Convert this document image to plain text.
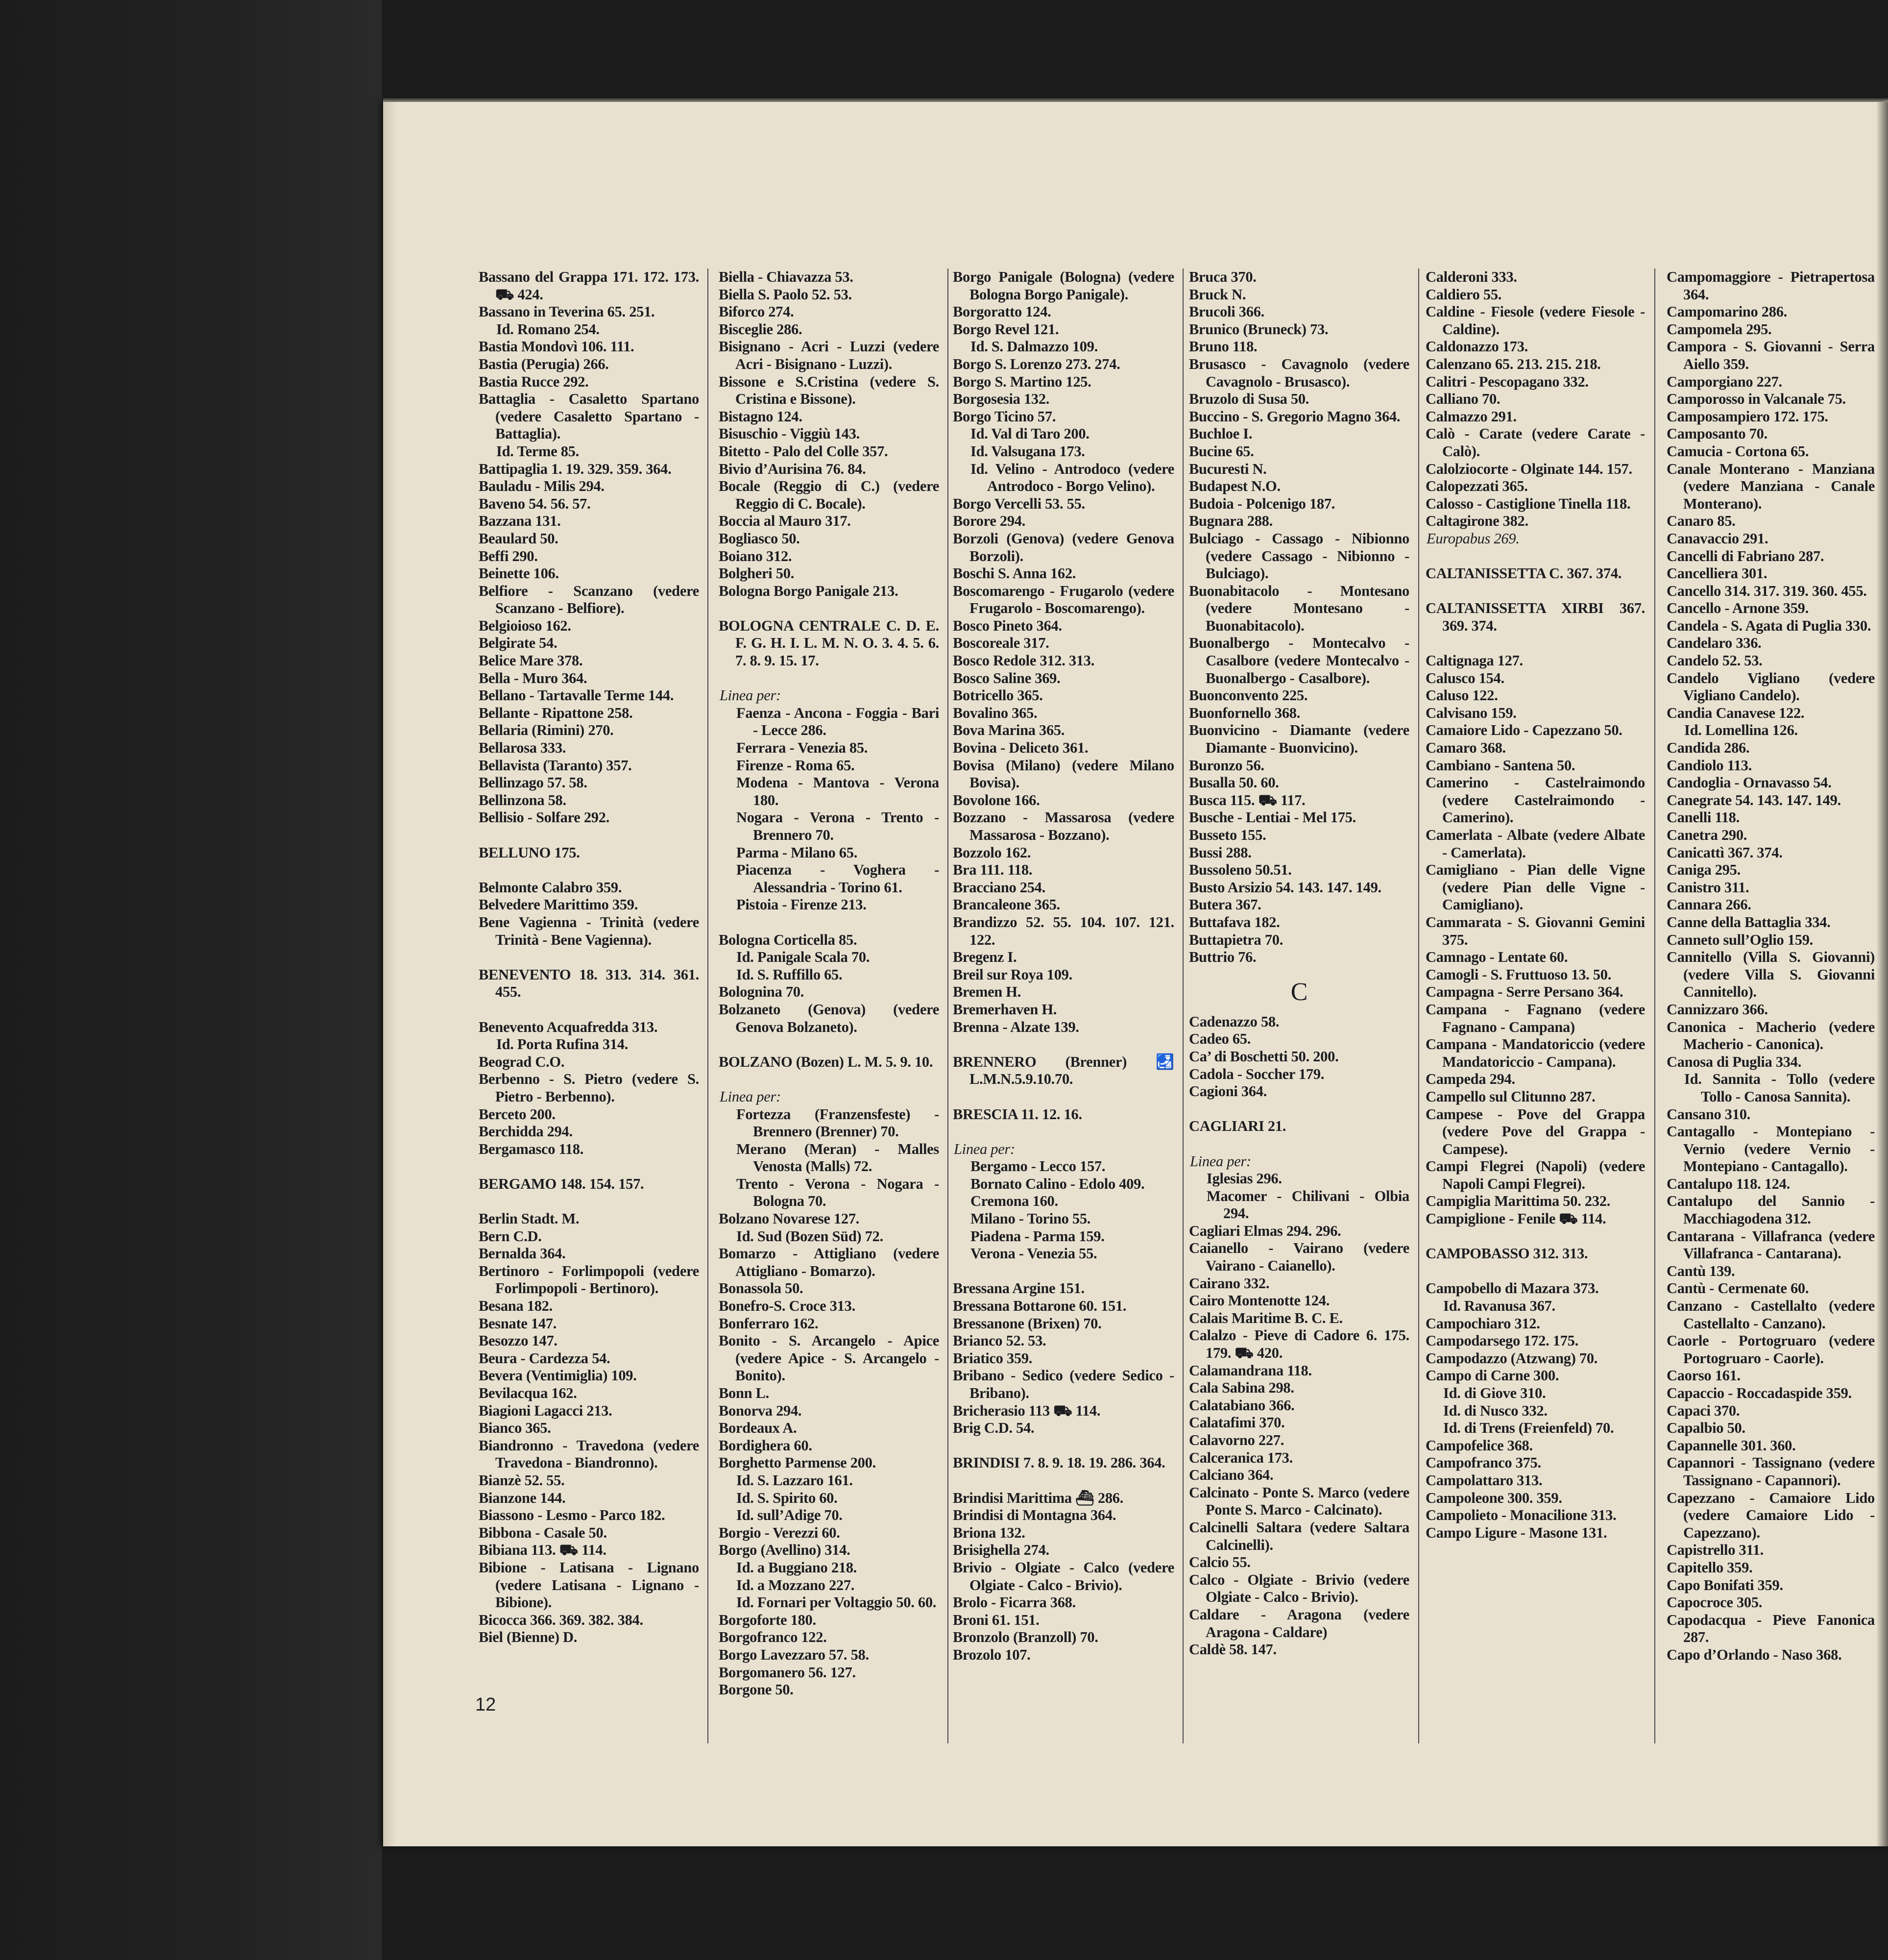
Bassano del Grappa 171. 172. 173. ⛟ 424.
Bassano in Teverina 65. 251.
Id. Romano 254.
Bastia Mondovì 106. 111.
Bastia (Perugia) 266.
Bastia Rucce 292.
Battaglia - Casaletto Spartano (vedere Casaletto Spartano - Battaglia).
Id. Terme 85.
Battipaglia 1. 19. 329. 359. 364.
Bauladu - Milis 294.
Baveno 54. 56. 57.
Bazzana 131.
Beaulard 50.
Beffi 290.
Beinette 106.
Belfiore - Scanzano (vedere Scanzano - Belfiore).
Belgioioso 162.
Belgirate 54.
Belice Mare 378.
Bella - Muro 364.
Bellano - Tartavalle Terme 144.
Bellante - Ripattone 258.
Bellaria (Rimini) 270.
Bellarosa 333.
Bellavista (Taranto) 357.
Bellinzago 57. 58.
Bellinzona 58.
Bellisio - Solfare 292.
BELLUNO 175.
Belmonte Calabro 359.
Belvedere Marittimo 359.
Bene Vagienna - Trinità (vedere Trinità - Bene Vagienna).
BENEVENTO 18. 313. 314. 361. 455.
Benevento Acquafredda 313.
Id. Porta Rufina 314.
Beograd C.O.
Berbenno - S. Pietro (vedere S. Pietro - Berbenno).
Berceto 200.
Berchidda 294.
Bergamasco 118.
BERGAMO 148. 154. 157.
Berlin Stadt. M.
Bern C.D.
Bernalda 364.
Bertinoro - Forlimpopoli (vedere Forlimpopoli - Bertinoro).
Besana 182.
Besnate 147.
Besozzo 147.
Beura - Cardezza 54.
Bevera (Ventimiglia) 109.
Bevilacqua 162.
Biagioni Lagacci 213.
Bianco 365.
Biandronno - Travedona (vedere Travedona - Biandronno).
Bianzè 52. 55.
Bianzone 144.
Biassono - Lesmo - Parco 182.
Bibbona - Casale 50.
Bibiana 113. ⛟ 114.
Bibione - Latisana - Lignano (vedere Latisana - Lignano - Bibione).
Bicocca 366. 369. 382. 384.
Biel (Bienne) D.
Biella - Chiavazza 53.
Biella S. Paolo 52. 53.
Biforco 274.
Bisceglie 286.
Bisignano - Acri - Luzzi (vedere Acri - Bisignano - Luzzi).
Bissone e S.Cristina (vedere S. Cristina e Bissone).
Bistagno 124.
Bisuschio - Viggiù 143.
Bitetto - Palo del Colle 357.
Bivio d’Aurisina 76. 84.
Bocale (Reggio di C.) (vedere Reggio di C. Bocale).
Boccia al Mauro 317.
Bogliasco 50.
Boiano 312.
Bolgheri 50.
Bologna Borgo Panigale 213.
BOLOGNA CENTRALE C. D. E. F. G. H. I. L. M. N. O. 3. 4. 5. 6. 7. 8. 9. 15. 17.
Linea per:
Faenza - Ancona - Foggia - Bari - Lecce 286.
Ferrara - Venezia 85.
Firenze - Roma 65.
Modena - Mantova - Verona 180.
Nogara - Verona - Trento - Brennero 70.
Parma - Milano 65.
Piacenza - Voghera - Alessandria - Torino 61.
Pistoia - Firenze 213.
Bologna Corticella 85.
Id. Panigale Scala 70.
Id. S. Ruffillo 65.
Bolognina 70.
Bolzaneto (Genova) (vedere Genova Bolzaneto).
BOLZANO (Bozen) L. M. 5. 9. 10.
Linea per:
Fortezza (Franzensfeste) - Brennero (Brenner) 70.
Merano (Meran) - Malles Venosta (Malls) 72.
Trento - Verona - Nogara - Bologna 70.
Bolzano Novarese 127.
Id. Sud (Bozen Süd) 72.
Bomarzo - Attigliano (vedere Attigliano - Bomarzo).
Bonassola 50.
Bonefro-S. Croce 313.
Bonferraro 162.
Bonito - S. Arcangelo - Apice (vedere Apice - S. Arcangelo - Bonito).
Bonn L.
Bonorva 294.
Bordeaux A.
Bordighera 60.
Borghetto Parmense 200.
Id. S. Lazzaro 161.
Id. S. Spirito 60.
Id. sull’Adige 70.
Borgio - Verezzi 60.
Borgo (Avellino) 314.
Id. a Buggiano 218.
Id. a Mozzano 227.
Id. Fornari per Voltaggio 50. 60.
Borgoforte 180.
Borgofranco 122.
Borgo Lavezzaro 57. 58.
Borgomanero 56. 127.
Borgone 50.
Borgo Panigale (Bologna) (vedere Bologna Borgo Panigale).
Borgoratto 124.
Borgo Revel 121.
Id. S. Dalmazzo 109.
Borgo S. Lorenzo 273. 274.
Borgo S. Martino 125.
Borgosesia 132.
Borgo Ticino 57.
Id. Val di Taro 200.
Id. Valsugana 173.
Id. Velino - Antrodoco (vedere Antrodoco - Borgo Velino).
Borgo Vercelli 53. 55.
Borore 294.
Borzoli (Genova) (vedere Genova Borzoli).
Boschi S. Anna 162.
Boscomarengo - Frugarolo (vedere Frugarolo - Boscomarengo).
Bosco Pineto 364.
Boscoreale 317.
Bosco Redole 312. 313.
Bosco Saline 369.
Botricello 365.
Bovalino 365.
Bova Marina 365.
Bovina - Deliceto 361.
Bovisa (Milano) (vedere Milano Bovisa).
Bovolone 166.
Bozzano - Massarosa (vedere Massarosa - Bozzano).
Bozzolo 162.
Bra 111. 118.
Bracciano 254.
Brancaleone 365.
Brandizzo 52. 55. 104. 107. 121. 122.
Bregenz I.
Breil sur Roya 109.
Bremen H.
Bremerhaven H.
Brenna - Alzate 139.
BRENNERO (Brenner) 🛃 L.M.N.5.9.10.70.
BRESCIA 11. 12. 16.
Linea per:
Bergamo - Lecco 157.
Bornato Calino - Edolo 409.
Cremona 160.
Milano - Torino 55.
Piadena - Parma 159.
Verona - Venezia 55.
Bressana Argine 151.
Bressana Bottarone 60. 151.
Bressanone (Brixen) 70.
Brianco 52. 53.
Briatico 359.
Bribano - Sedico (vedere Sedico - Bribano).
Bricherasio 113 ⛟ 114.
Brig C.D. 54.
BRINDISI 7. 8. 9. 18. 19. 286. 364.
Brindisi Marittima ⛴ 286.
Brindisi di Montagna 364.
Briona 132.
Brisighella 274.
Brivio - Olgiate - Calco (vedere Olgiate - Calco - Brivio).
Brolo - Ficarra 368.
Broni 61. 151.
Bronzolo (Branzoll) 70.
Brozolo 107.
Bruca 370.
Bruck N.
Brucoli 366.
Brunico (Bruneck) 73.
Bruno 118.
Brusasco - Cavagnolo (vedere Cavagnolo - Brusasco).
Bruzolo di Susa 50.
Buccino - S. Gregorio Magno 364.
Buchloe I.
Bucine 65.
Bucuresti N.
Budapest N.O.
Budoia - Polcenigo 187.
Bugnara 288.
Bulciago - Cassago - Nibionno (vedere Cassago - Nibionno - Bulciago).
Buonabitacolo - Montesano (vedere Montesano - Buonabitacolo).
Buonalbergo - Montecalvo - Casalbore (vedere Montecalvo - Buonalbergo - Casalbore).
Buonconvento 225.
Buonfornello 368.
Buonvicino - Diamante (vedere Diamante - Buonvicino).
Buronzo 56.
Busalla 50. 60.
Busca 115. ⛟ 117.
Busche - Lentiai - Mel 175.
Busseto 155.
Bussi 288.
Bussoleno 50.51.
Busto Arsizio 54. 143. 147. 149.
Butera 367.
Buttafava 182.
Buttapietra 70.
Buttrio 76.
C
Cadenazzo 58.
Cadeo 65.
Ca’ di Boschetti 50. 200.
Cadola - Soccher 179.
Cagioni 364.
CAGLIARI 21.
Linea per:
Iglesias 296.
Macomer - Chilivani - Olbia 294.
Cagliari Elmas 294. 296.
Caianello - Vairano (vedere Vairano - Caianello).
Cairano 332.
Cairo Montenotte 124.
Calais Maritime B. C. E.
Calalzo - Pieve di Cadore 6. 175. 179. ⛟ 420.
Calamandrana 118.
Cala Sabina 298.
Calatabiano 366.
Calatafimi 370.
Calavorno 227.
Calceranica 173.
Calciano 364.
Calcinato - Ponte S. Marco (vedere Ponte S. Marco - Calcinato).
Calcinelli Saltara (vedere Saltara Calcinelli).
Calcio 55.
Calco - Olgiate - Brivio (vedere Olgiate - Calco - Brivio).
Caldare - Aragona (vedere Aragona - Caldare)
Caldè 58. 147.
Calderoni 333.
Caldiero 55.
Caldine - Fiesole (vedere Fiesole - Caldine).
Caldonazzo 173.
Calenzano 65. 213. 215. 218.
Calitri - Pescopagano 332.
Calliano 70.
Calmazzo 291.
Calò - Carate (vedere Carate - Calò).
Calolziocorte - Olginate 144. 157.
Calopezzati 365.
Calosso - Castiglione Tinella 118.
Caltagirone 382.
Europabus 269.
CALTANISSETTA C. 367. 374.
CALTANISSETTA XIRBI 367. 369. 374.
Caltignaga 127.
Calusco 154.
Caluso 122.
Calvisano 159.
Camaiore Lido - Capezzano 50.
Camaro 368.
Cambiano - Santena 50.
Camerino - Castelraimondo (vedere Castelraimondo - Camerino).
Camerlata - Albate (vedere Albate - Camerlata).
Camigliano - Pian delle Vigne (vedere Pian delle Vigne - Camigliano).
Cammarata - S. Giovanni Gemini 375.
Camnago - Lentate 60.
Camogli - S. Fruttuoso 13. 50.
Campagna - Serre Persano 364.
Campana - Fagnano (vedere Fagnano - Campana)
Campana - Mandatoriccio (vedere Mandatoriccio - Campana).
Campeda 294.
Campello sul Clitunno 287.
Campese - Pove del Grappa (vedere Pove del Grappa - Campese).
Campi Flegrei (Napoli) (vedere Napoli Campi Flegrei).
Campiglia Marittima 50. 232.
Campiglione - Fenile ⛟ 114.
CAMPOBASSO 312. 313.
Campobello di Mazara 373.
Id. Ravanusa 367.
Campochiaro 312.
Campodarsego 172. 175.
Campodazzo (Atzwang) 70.
Campo di Carne 300.
Id. di Giove 310.
Id. di Nusco 332.
Id. di Trens (Freienfeld) 70.
Campofelice 368.
Campofranco 375.
Campolattaro 313.
Campoleone 300. 359.
Campolieto - Monacilione 313.
Campo Ligure - Masone 131.
Campomaggiore - Pietrapertosa 364.
Campomarino 286.
Campomela 295.
Campora - S. Giovanni - Serra Aiello 359.
Camporgiano 227.
Camporosso in Valcanale 75.
Camposampiero 172. 175.
Camposanto 70.
Camucia - Cortona 65.
Canale Monterano - Manziana (vedere Manziana - Canale Monterano).
Canaro 85.
Canavaccio 291.
Cancelli di Fabriano 287.
Cancelliera 301.
Cancello 314. 317. 319. 360. 455.
Cancello - Arnone 359.
Candela - S. Agata di Puglia 330.
Candelaro 336.
Candelo 52. 53.
Candelo Vigliano (vedere Vigliano Candelo).
Candia Canavese 122.
Id. Lomellina 126.
Candida 286.
Candiolo 113.
Candoglia - Ornavasso 54.
Canegrate 54. 143. 147. 149.
Canelli 118.
Canetra 290.
Canicattì 367. 374.
Caniga 295.
Canistro 311.
Cannara 266.
Canne della Battaglia 334.
Canneto sull’Oglio 159.
Cannitello (Villa S. Giovanni) (vedere Villa S. Giovanni Cannitello).
Cannizzaro 366.
Canonica - Macherio (vedere Macherio - Canonica).
Canosa di Puglia 334.
Id. Sannita - Tollo (vedere Tollo - Canosa Sannita).
Cansano 310.
Cantagallo - Montepiano - Vernio (vedere Vernio - Montepiano - Cantagallo).
Cantalupo 118. 124.
Cantalupo del Sannio - Macchiagodena 312.
Cantarana - Villafranca (vedere Villafranca - Cantarana).
Cantù 139.
Cantù - Cermenate 60.
Canzano - Castellalto (vedere Castellalto - Canzano).
Caorle - Portogruaro (vedere Portogruaro - Caorle).
Caorso 161.
Capaccio - Roccadaspide 359.
Capaci 370.
Capalbio 50.
Capannelle 301. 360.
Capannori - Tassignano (vedere Tassignano - Capannori).
Capezzano - Camaiore Lido (vedere Camaiore Lido - Capezzano).
Capistrello 311.
Capitello 359.
Capo Bonifati 359.
Capocroce 305.
Capodacqua - Pieve Fanonica 287.
Capo d’Orlando - Naso 368.
12
